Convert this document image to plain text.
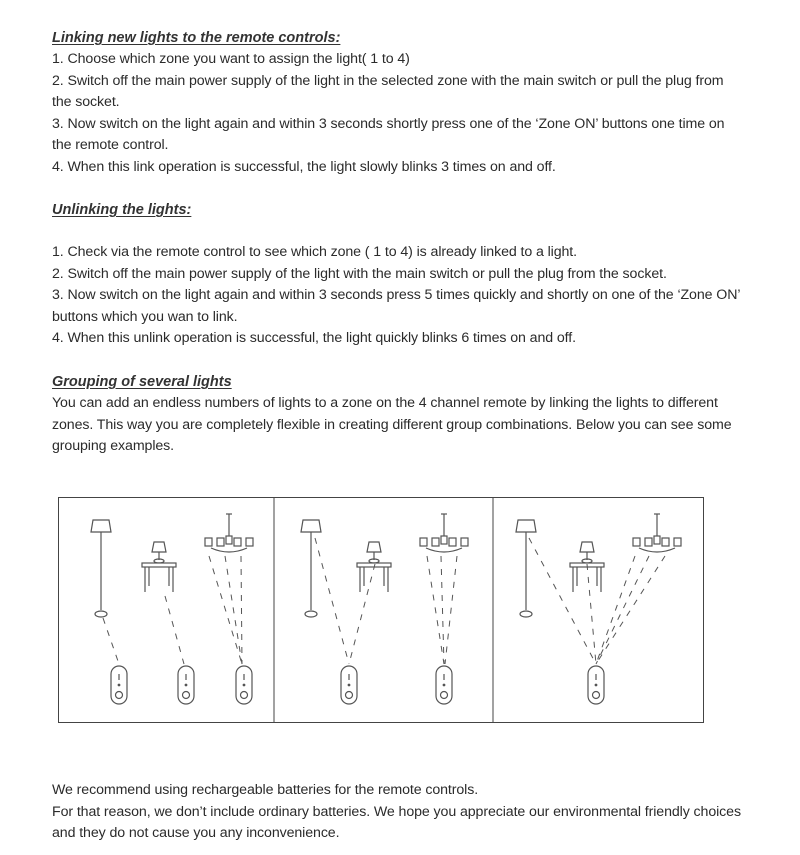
Linking new lights to the remote controls:

1. Choose which zone you want to assign the light( 1 to 4)

2. Switch off the main power supply of the light in the selected zone with the main switch or pull the plug from

the socket.

3. Now switch on the light again and within 3 seconds shortly press one of the ‘Zone ON’ buttons one time on

the remote control.

4. When this link operation is successful, the light slowly blinks 3 times on and off.

Unlinking the lights:

1. Check via the remote control to see which zone ( 1 to 4) is already linked to a light.

2. Switch off the main power supply of the light with the main switch or pull the plug from the socket.

3. Now switch on the light again and within 3 seconds press 5 times quickly and shortly on one of the ‘Zone ON’

buttons which you wan to link.

4. When this unlink operation is successful, the light quickly blinks 6 times on and off.

Grouping of several lights

You can add an endless numbers of lights to a zone on the 4 channel remote by linking the lights to different

zones. This way you are completely flexible in creating different group combinations. Below you can see some

grouping examples.

We recommend using rechargeable batteries for the remote controls.

For that reason, we don’t include ordinary batteries. We hope you appreciate our environmental friendly choices

and they do not cause you any inconvenience.
